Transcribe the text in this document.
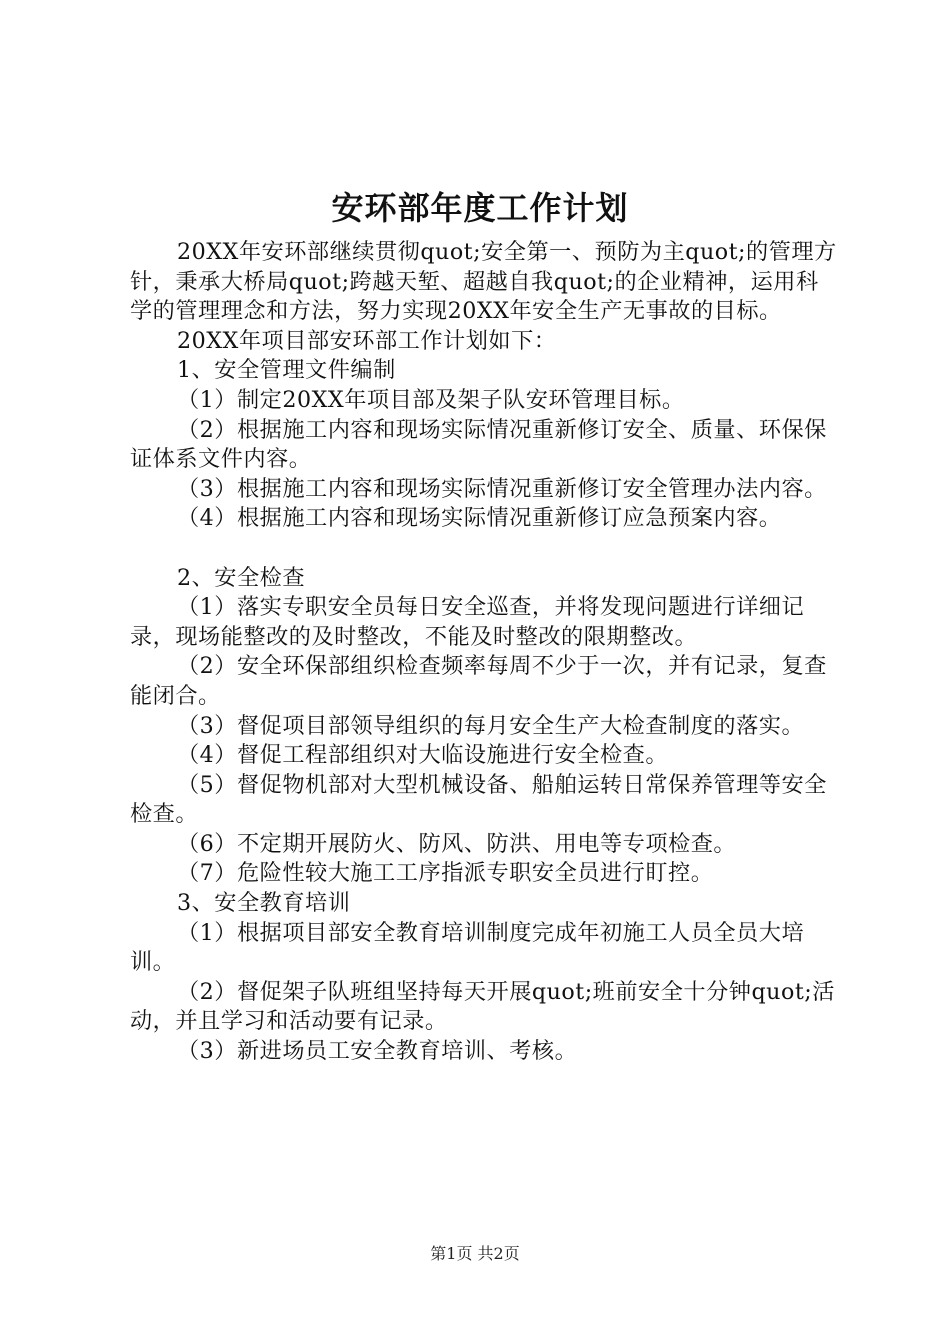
安环部年度工作计划

20XX年安环部继续贯彻quot;安全第一、预防为主quot;的管理方针，秉承大桥局quot;跨越天堑、超越自我quot;的企业精神，运用科学的管理理念和方法，努力实现20XX年安全生产无事故的目标。

20XX年项目部安环部工作计划如下：

1、安全管理文件编制

（1）制定20XX年项目部及架子队安环管理目标。

（2）根据施工内容和现场实际情况重新修订安全、质量、环保保证体系文件内容。

（3）根据施工内容和现场实际情况重新修订安全管理办法内容。

（4）根据施工内容和现场实际情况重新修订应急预案内容。

2、安全检查

（1）落实专职安全员每日安全巡查，并将发现问题进行详细记录，现场能整改的及时整改，不能及时整改的限期整改。

（2）安全环保部组织检查频率每周不少于一次，并有记录，复查能闭合。

（3）督促项目部领导组织的每月安全生产大检查制度的落实。

（4）督促工程部组织对大临设施进行安全检查。

（5）督促物机部对大型机械设备、船舶运转日常保养管理等安全检查。

（6）不定期开展防火、防风、防洪、用电等专项检查。

（7）危险性较大施工工序指派专职安全员进行盯控。

3、安全教育培训

（1）根据项目部安全教育培训制度完成年初施工人员全员大培训。

（2）督促架子队班组坚持每天开展quot;班前安全十分钟quot;活动，并且学习和活动要有记录。

（3）新进场员工安全教育培训、考核。

第1页 共2页
